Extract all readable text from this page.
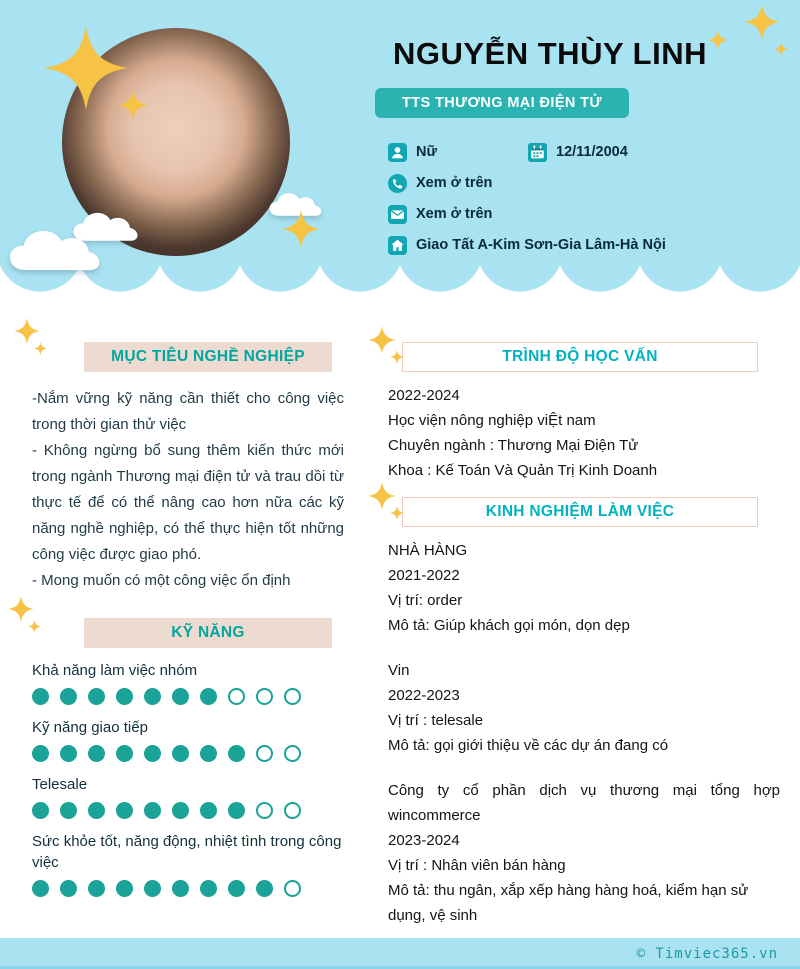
NGUYỄN THÙY LINH
TTS THƯƠNG MẠI ĐIỆN TỬ
Nữ	12/11/2004
Xem ở trên
Xem ở trên
Giao Tất A-Kim Sơn-Gia Lâm-Hà Nội
MỤC TIÊU NGHỀ NGHIỆP

-Nắm vững kỹ năng cần thiết cho công việc trong thời gian thử việc

- Không ngừng bổ sung thêm kiến thức mới trong ngành Thương mại điện tử và trau dồi từ thực tế để có thể nâng cao hơn nữa các kỹ năng nghề nghiệp, có thể thực hiện tốt những công việc được giao phó.

- Mong muốn có một công việc ổn định

KỸ NĂNG
Khả năng làm việc nhóm
Kỹ năng giao tiếp
Telesale
Sức khỏe tốt, năng động, nhiệt tình trong công việc
TRÌNH ĐỘ HỌC VẤN

2022-2024

Học viện nông nghiệp viỆt nam

Chuyên ngành : Thương Mại Điện Tử

Khoa : Kế Toán Và Quản Trị Kinh Doanh

KINH NGHIỆM LÀM VIỆC

NHÀ HÀNG

2021-2022

Vị trí: order

Mô tả: Giúp khách gọi món, dọn dẹp

Vin

2022-2023

Vị trí : telesale

Mô tả: gọi giới thiệu về các dự án đang có

Công ty cổ phần dịch vụ thương mại tổng hợp wincommerce

2023-2024

Vị trí : Nhân viên bán hàng

Mô tả: thu ngân, xắp xếp hàng hàng hoá, kiểm hạn sử dụng, vệ sinh

© Timviec365.vn
